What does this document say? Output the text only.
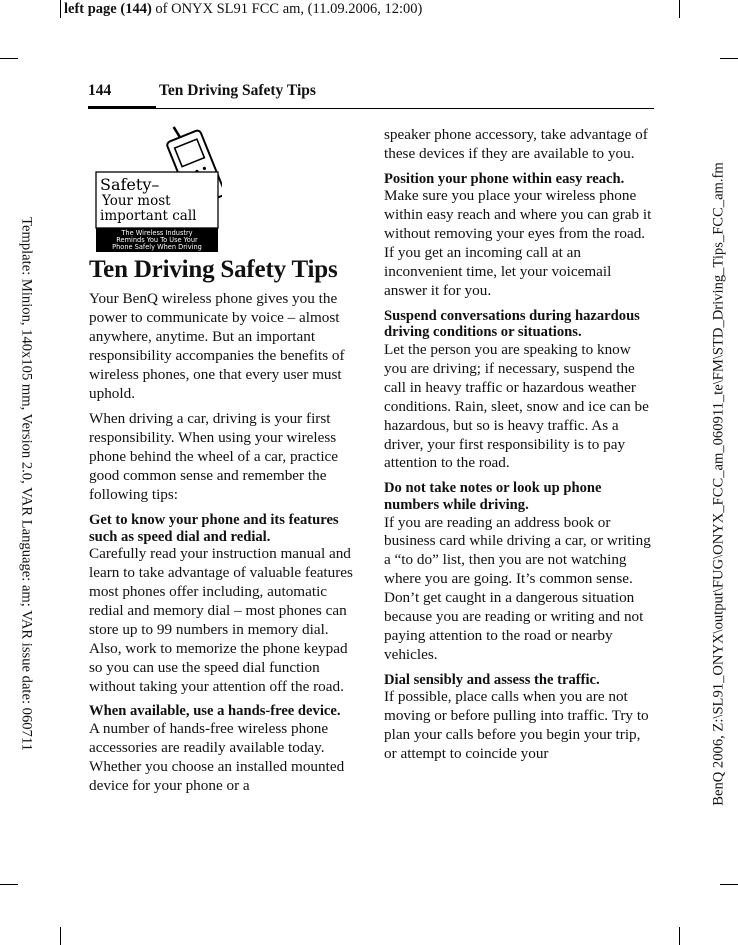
left page (144) of ONYX SL91 FCC am, (11.09.2006, 12:00)
Template: Minion, 140x105 mm, Version 2.0, VAR Language: am; VAR issue date: 060711	BenQ 2006, Z:\SL91_ONYX\output\FUG\ONYX_FCC_am_060911_te\FM\STD_Driving_Tips_FCC_am.fm
144	Ten Driving Safety Tips
Safety–
Your most
important call
The Wireless Industry
Reminds You To Use Your
Phone Safely When Driving
Ten Driving Safety Tips

Your BenQ wireless phone gives you the power to communicate by voice – almost anywhere, anytime. But an important responsibility accompanies the benefits of wireless phones, one that every user must uphold.

When driving a car, driving is your first responsibility. When using your wireless phone behind the wheel of a car, practice good common sense and remember the following tips:

Get to know your phone and its features such as speed dial and redial.

Carefully read your instruction manual and learn to take advantage of valuable features most phones offer including, automatic redial and memory dial – most phones can store up to 99 numbers in memory dial. Also, work to memorize the phone keypad so you can use the speed dial function without taking your attention off the road.

When available, use a hands-free device.

A number of hands-free wireless phone accessories are readily available today. Whether you choose an installed mounted device for your phone or a

speaker phone accessory, take advantage of these devices if they are available to you.

Position your phone within easy reach.

Make sure you place your wireless phone within easy reach and where you can grab it without removing your eyes from the road. If you get an incoming call at an inconvenient time, let your voicemail answer it for you.

Suspend conversations during hazardous driving conditions or situations.

Let the person you are speaking to know you are driving; if necessary, suspend the call in heavy traffic or hazardous weather conditions. Rain, sleet, snow and ice can be hazardous, but so is heavy traffic. As a driver, your first responsibility is to pay attention to the road.

Do not take notes or look up phone numbers while driving.

If you are reading an address book or business card while driving a car, or writing a “to do” list, then you are not watching where you are going. It’s common sense. Don’t get caught in a dangerous situation because you are reading or writing and not paying attention to the road or nearby vehicles.

Dial sensibly and assess the traffic.

If possible, place calls when you are not moving or before pulling into traffic. Try to plan your calls before you begin your trip, or attempt to coincide your
